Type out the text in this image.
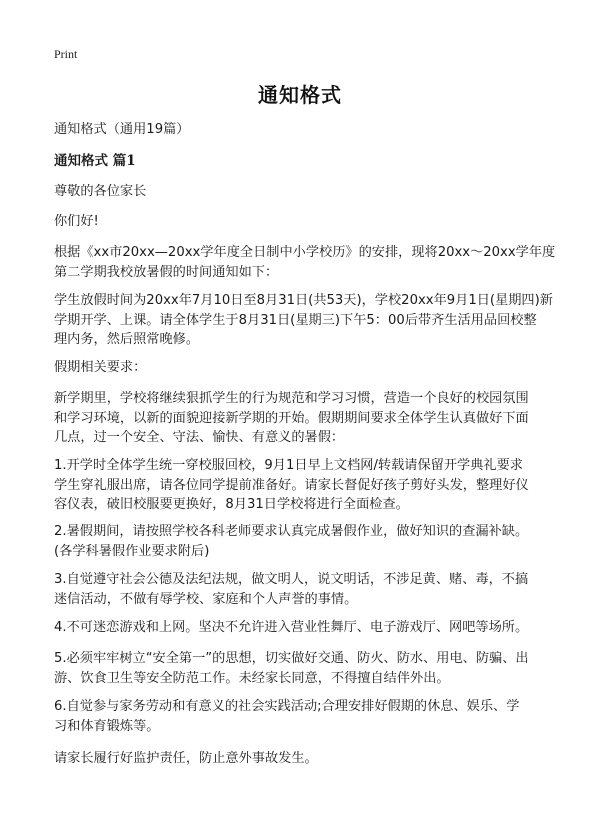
Print
通知格式
通知格式（通用19篇）
通知格式 篇1
尊敬的各位家长
你们好!
根据《xx市20xx—20xx学年度全日制中小学校历》的安排，现将20xx～20xx学年度
第二学期我校放暑假的时间通知如下：
学生放假时间为20xx年7月10日至8月31日(共53天)，学校20xx年9月1日(星期四)新
学期开学、上课。请全体学生于8月31日(星期三)下午5：00后带齐生活用品回校整
理内务，然后照常晚修。
假期相关要求：
新学期里，学校将继续狠抓学生的行为规范和学习习惯，营造一个良好的校园氛围
和学习环境，以新的面貌迎接新学期的开始。假期期间要求全体学生认真做好下面
几点，过一个安全、守法、愉快、有意义的暑假：
1.开学时全体学生统一穿校服回校，9月1日早上文档网/转载请保留开学典礼要求
学生穿礼服出席，请各位同学提前准备好。请家长督促好孩子剪好头发，整理好仪
容仪表，破旧校服要更换好，8月31日学校将进行全面检查。
2.暑假期间，请按照学校各科老师要求认真完成暑假作业，做好知识的查漏补缺。
(各学科暑假作业要求附后)
3.自觉遵守社会公德及法纪法规，做文明人，说文明话，不涉足黄、赌、毒，不搞
迷信活动，不做有辱学校、家庭和个人声誉的事情。
4.不可迷恋游戏和上网。坚决不允许进入营业性舞厅、电子游戏厅、网吧等场所。
5.必须牢牢树立“安全第一”的思想，切实做好交通、防火、防水、用电、防骗、出
游、饮食卫生等安全防范工作。未经家长同意，不得擅自结伴外出。
6.自觉参与家务劳动和有意义的社会实践活动;合理安排好假期的休息、娱乐、学
习和体育锻炼等。
请家长履行好监护责任，防止意外事故发生。
